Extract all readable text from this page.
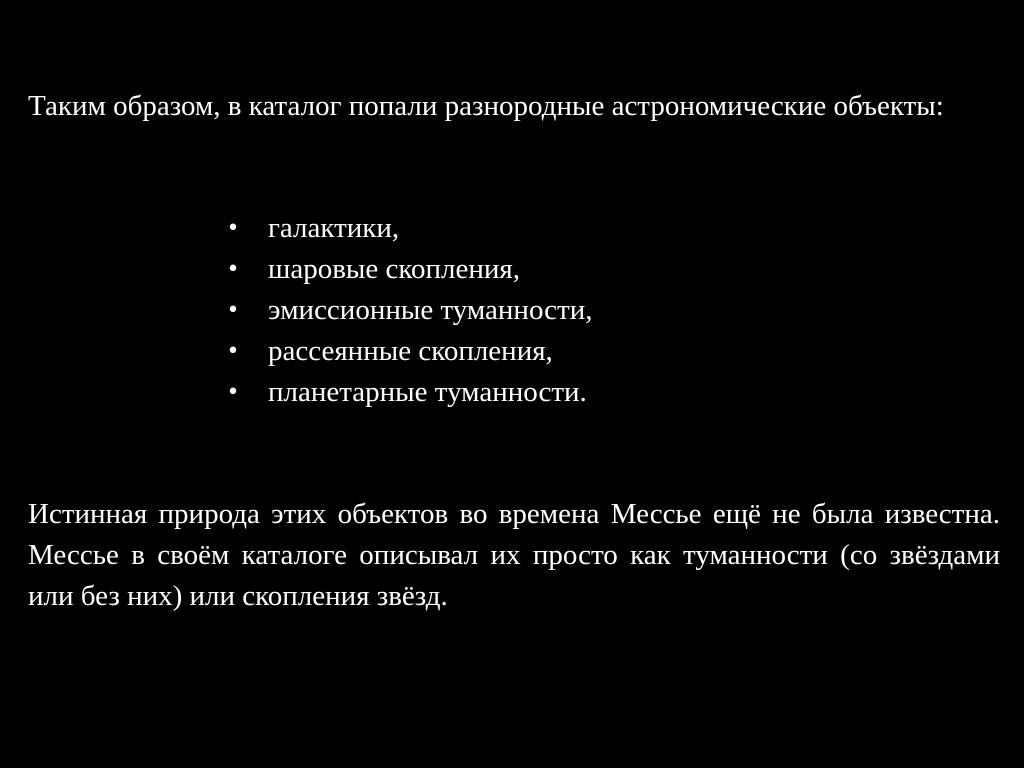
Таким образом, в каталог попали разнородные астрономические объекты:

• галактики,
• шаровые скопления,
• эмиссионные туманности,
• рассеянные скопления,
• планетарные туманности.

Истинная природа этих объектов во времена Мессье ещё не была известна. Мессье в своём каталоге описывал их просто как туманности (со звёздами или без них) или скопления звёзд.
